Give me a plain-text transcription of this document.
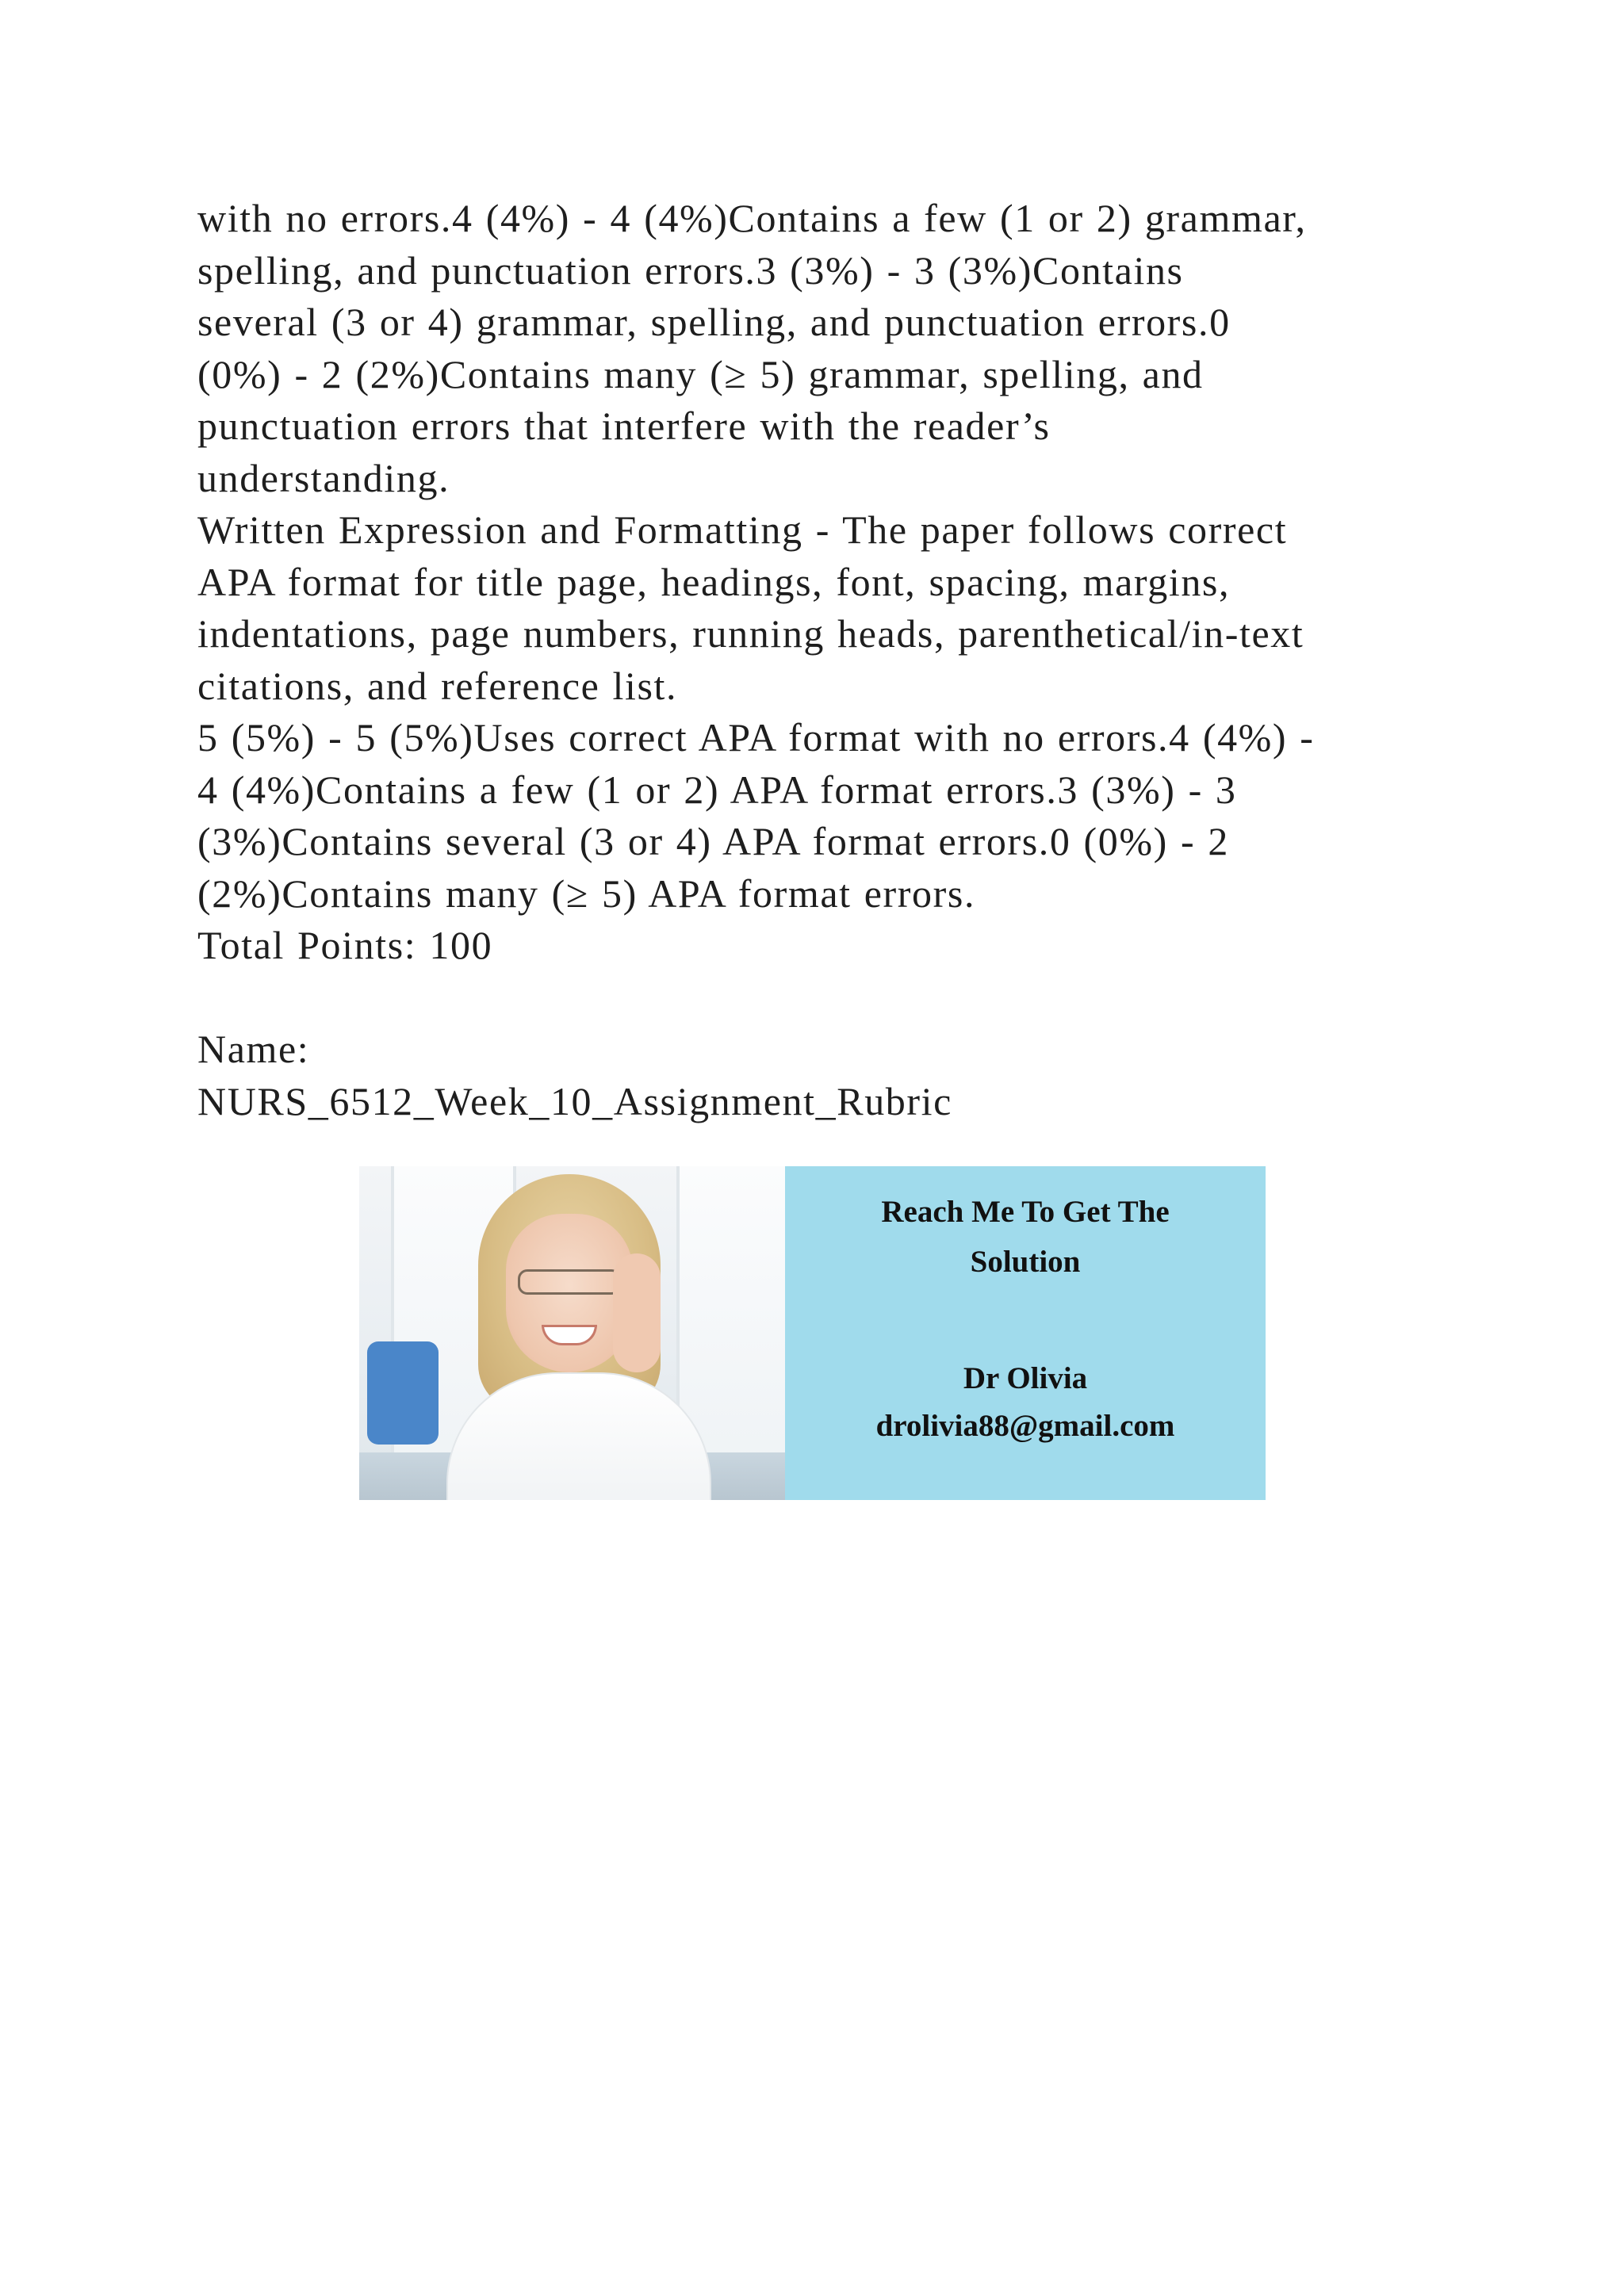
with no errors.4 (4%) - 4 (4%)Contains a few (1 or 2) grammar,
spelling, and punctuation errors.3 (3%) - 3 (3%)Contains
several (3 or 4) grammar, spelling, and punctuation errors.0
(0%) - 2 (2%)Contains many (≥ 5) grammar, spelling, and
punctuation errors that interfere with the reader’s
understanding.
Written Expression and Formatting - The paper follows correct
APA format for title page, headings, font, spacing, margins,
indentations, page numbers, running heads, parenthetical/in-text
citations, and reference list.
5 (5%) - 5 (5%)Uses correct APA format with no errors.4 (4%) -
4 (4%)Contains a few (1 or 2) APA format errors.3 (3%) - 3
(3%)Contains several (3 or 4) APA format errors.0 (0%) - 2
(2%)Contains many (≥ 5) APA format errors.
Total Points: 100
Name:
NURS_6512_Week_10_Assignment_Rubric
Reach Me To Get The
Solution
Dr Olivia
drolivia88@gmail.com
